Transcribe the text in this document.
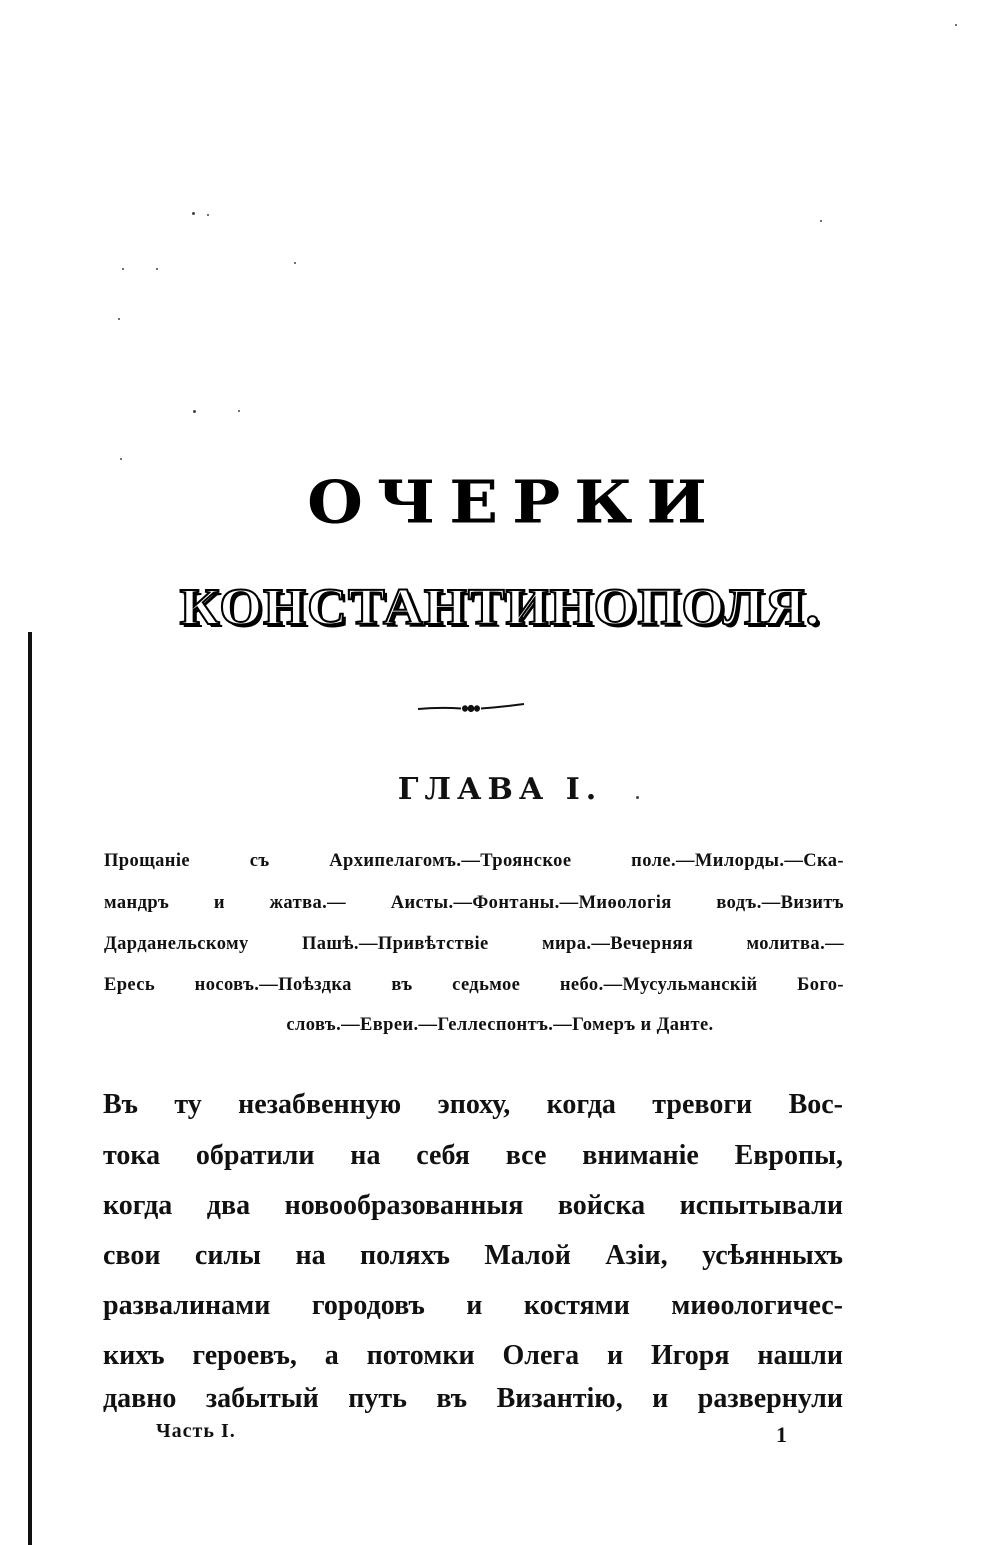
ОЧЕРКИ
КОНСТАНТИНОПОЛЯ.
ГЛАВА I.
Прощанiе съ Архипелагомъ.—Троянское поле.—Милорды.—Ска-
мандръ и жатва.— Аисты.—Фонтаны.—Миөологiя водъ.—Визитъ
Дарданельскому Пашѣ.—Привѣтствiе мира.—Вечерняя молитва.—
Ересь носовъ.—Поѣздка въ седьмое небо.—Мусульманскiй Бого-
словъ.—Евреи.—Геллеспонтъ.—Гомеръ и Данте.
Въ ту незабвенную эпоху, когда тревоги Вос-
тока обратили на себя все вниманiе Европы,
когда два новообразованныя войска испытывали
свои силы на поляхъ Малой Азiи, усѣянныхъ
развалинами городовъ и костями миөологичес-
кихъ героевъ, а потомки Олега и Игоря нашли
давно забытый путь въ Византiю, и развернули
Часть I.	1
